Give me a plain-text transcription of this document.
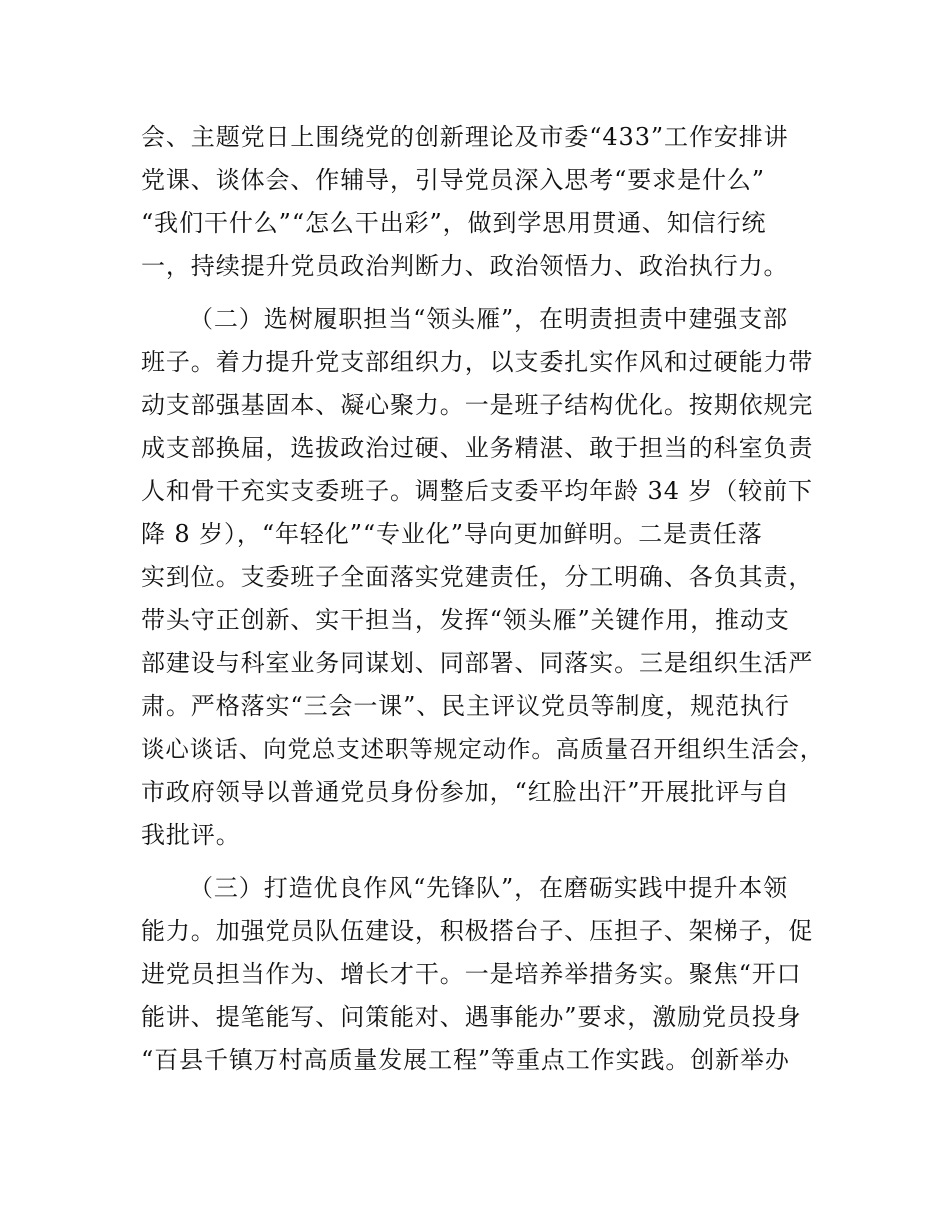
会、主题党日上围绕党的创新理论及市委“433”工作安排讲
党课、谈体会、作辅导，引导党员深入思考“要求是什么”
“我们干什么”“怎么干出彩”，做到学思用贯通、知信行统
一，持续提升党员政治判断力、政治领悟力、政治执行力。
（二）选树履职担当“领头雁”，在明责担责中建强支部
班子。着力提升党支部组织力，以支委扎实作风和过硬能力带
动支部强基固本、凝心聚力。一是班子结构优化。按期依规完
成支部换届，选拔政治过硬、业务精湛、敢于担当的科室负责
人和骨干充实支委班子。调整后支委平均年龄 34 岁（较前下
降 8 岁），“年轻化”“专业化”导向更加鲜明。二是责任落
实到位。支委班子全面落实党建责任，分工明确、各负其责，
带头守正创新、实干担当，发挥“领头雁”关键作用，推动支
部建设与科室业务同谋划、同部署、同落实。三是组织生活严
肃。严格落实“三会一课”、民主评议党员等制度，规范执行
谈心谈话、向党总支述职等规定动作。高质量召开组织生活会，
市政府领导以普通党员身份参加，“红脸出汗”开展批评与自
我批评。
（三）打造优良作风“先锋队”，在磨砺实践中提升本领
能力。加强党员队伍建设，积极搭台子、压担子、架梯子，促
进党员担当作为、增长才干。一是培养举措务实。聚焦“开口
能讲、提笔能写、问策能对、遇事能办”要求，激励党员投身
“百县千镇万村高质量发展工程”等重点工作实践。创新举办
